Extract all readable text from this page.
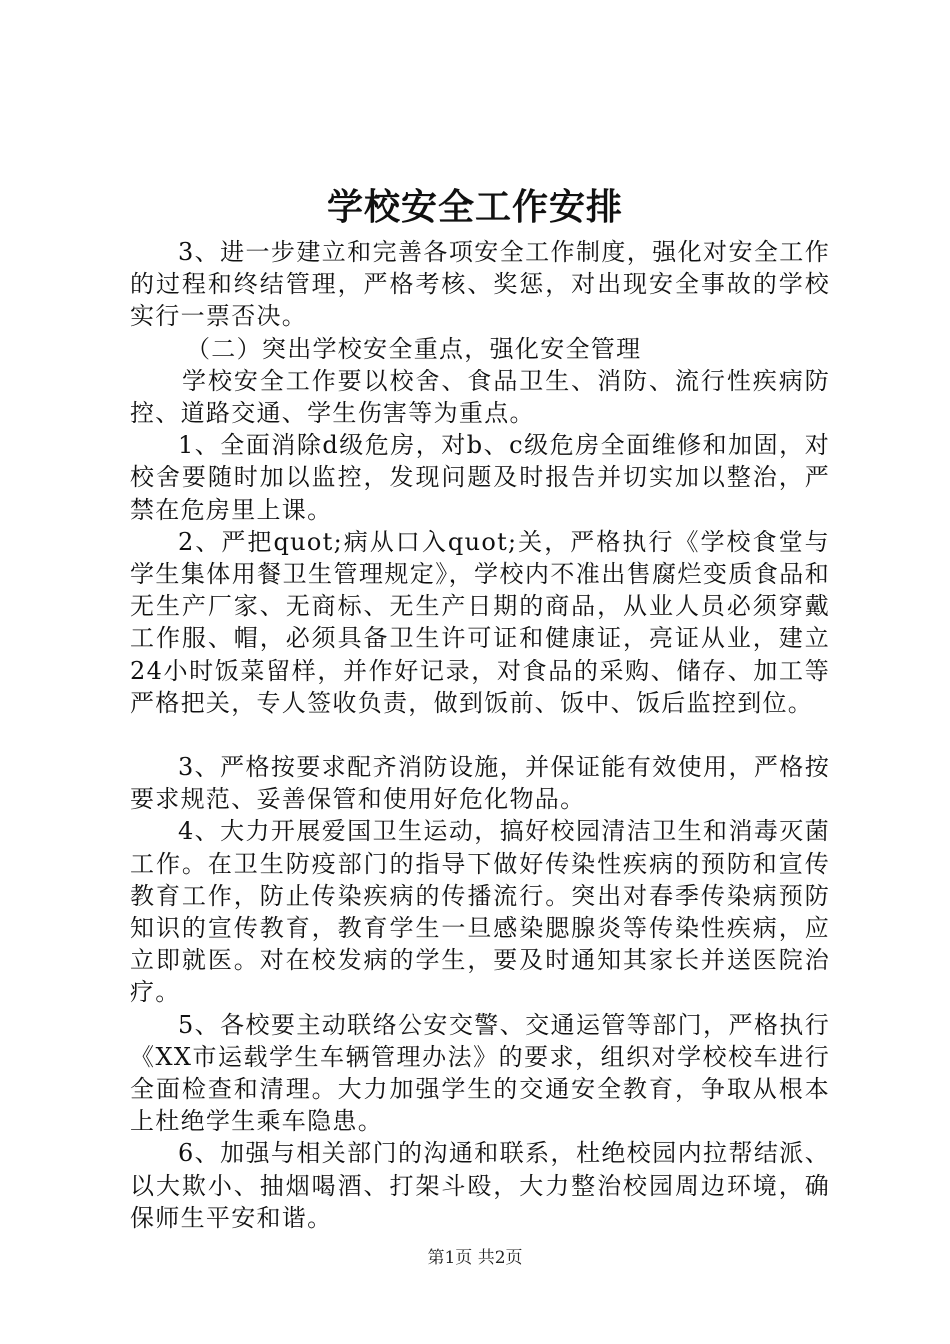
学校安全工作安排

3、进一步建立和完善各项安全工作制度，强化对安全工作的过程和终结管理，严格考核、奖惩，对出现安全事故的学校实行一票否决。

（二）突出学校安全重点，强化安全管理

学校安全工作要以校舍、食品卫生、消防、流行性疾病防控、道路交通、学生伤害等为重点。

1、全面消除d级危房，对b、c级危房全面维修和加固，对校舍要随时加以监控，发现问题及时报告并切实加以整治，严禁在危房里上课。

2、严把quot;病从口入quot;关，严格执行《学校食堂与学生集体用餐卫生管理规定》，学校内不准出售腐烂变质食品和无生产厂家、无商标、无生产日期的商品，从业人员必须穿戴工作服、帽，必须具备卫生许可证和健康证，亮证从业，建立24小时饭菜留样，并作好记录，对食品的采购、储存、加工等严格把关，专人签收负责，做到饭前、饭中、饭后监控到位。

3、严格按要求配齐消防设施，并保证能有效使用，严格按要求规范、妥善保管和使用好危化物品。

4、大力开展爱国卫生运动，搞好校园清洁卫生和消毒灭菌工作。在卫生防疫部门的指导下做好传染性疾病的预防和宣传教育工作，防止传染疾病的传播流行。突出对春季传染病预防知识的宣传教育，教育学生一旦感染腮腺炎等传染性疾病，应立即就医。对在校发病的学生，要及时通知其家长并送医院治疗。

5、各校要主动联络公安交警、交通运管等部门，严格执行《XX市运载学生车辆管理办法》的要求，组织对学校校车进行全面检查和清理。大力加强学生的交通安全教育，争取从根本上杜绝学生乘车隐患。

6、加强与相关部门的沟通和联系，杜绝校园内拉帮结派、以大欺小、抽烟喝酒、打架斗殴，大力整治校园周边环境，确保师生平安和谐。

第1页 共2页
